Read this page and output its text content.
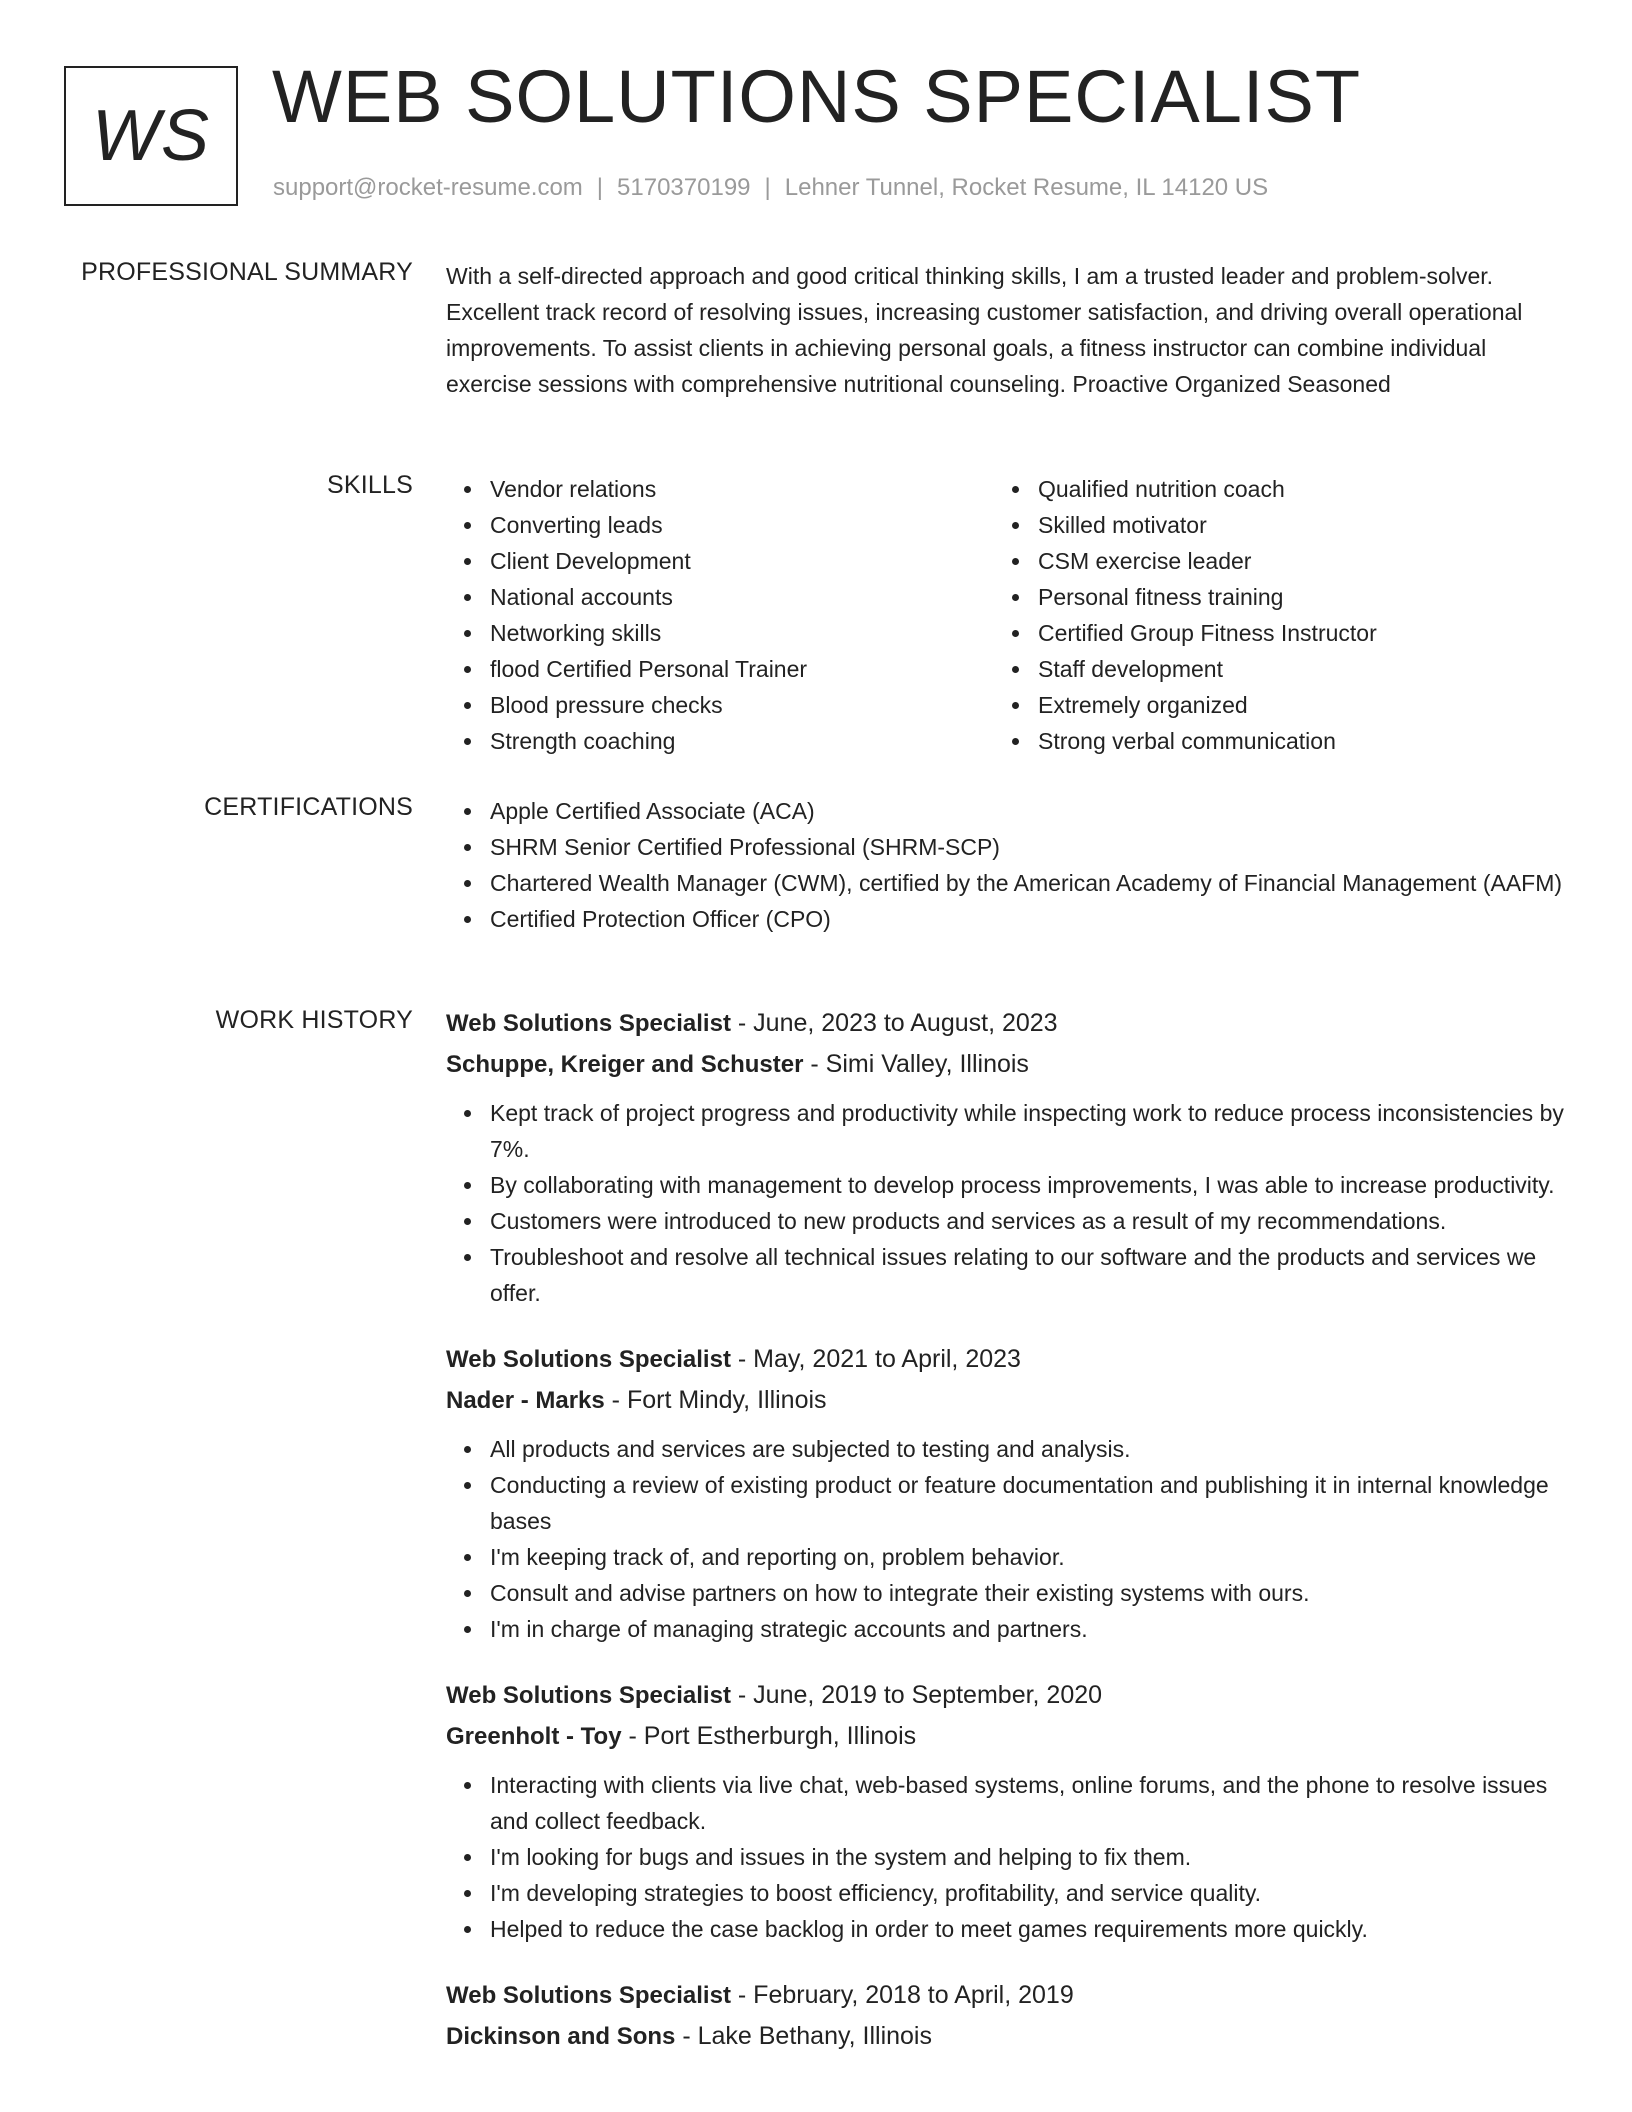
WS WEB SOLUTIONS SPECIALIST
support@rocket-resume.com | 5170370199 | Lehner Tunnel, Rocket Resume, IL 14120 US
PROFESSIONAL SUMMARY With a self-directed approach and good critical thinking skills, I am a trusted leader and problem-solver. Excellent track record of resolving issues, increasing customer satisfaction, and driving overall operational improvements. To assist clients in achieving personal goals, a fitness instructor can combine individual exercise sessions with comprehensive nutritional counseling. Proactive Organized Seasoned

SKILLS	Vendor relations
Converting leads
Client Development
National accounts
Networking skills
flood Certified Personal Trainer
Blood pressure checks
Strength coaching
Qualified nutrition coach
Skilled motivator
CSM exercise leader
Personal fitness training
Certified Group Fitness Instructor
Staff development
Extremely organized
Strong verbal communication
CERTIFICATIONS	Apple Certified Associate (ACA)
SHRM Senior Certified Professional (SHRM-SCP)
Chartered Wealth Manager (CWM), certified by the American Academy of Financial Management (AAFM)
Certified Protection Officer (CPO)
WORK HISTORY Web Solutions Specialist - June, 2023 to August, 2023
Schuppe, Kreiger and Schuster - Simi Valley, Illinois
Kept track of project progress and productivity while inspecting work to reduce process inconsistencies by 7%.
By collaborating with management to develop process improvements, I was able to increase productivity.
Customers were introduced to new products and services as a result of my recommendations.
Troubleshoot and resolve all technical issues relating to our software and the products and services we offer.
Web Solutions Specialist - May, 2021 to April, 2023
Nader - Marks - Fort Mindy, Illinois
All products and services are subjected to testing and analysis.
Conducting a review of existing product or feature documentation and publishing it in internal knowledge bases
I'm keeping track of, and reporting on, problem behavior.
Consult and advise partners on how to integrate their existing systems with ours.
I'm in charge of managing strategic accounts and partners.
Web Solutions Specialist - June, 2019 to September, 2020
Greenholt - Toy - Port Estherburgh, Illinois
Interacting with clients via live chat, web-based systems, online forums, and the phone to resolve issues and collect feedback.
I'm looking for bugs and issues in the system and helping to fix them.
I'm developing strategies to boost efficiency, profitability, and service quality.
Helped to reduce the case backlog in order to meet games requirements more quickly.
Web Solutions Specialist - February, 2018 to April, 2019
Dickinson and Sons - Lake Bethany, Illinois
